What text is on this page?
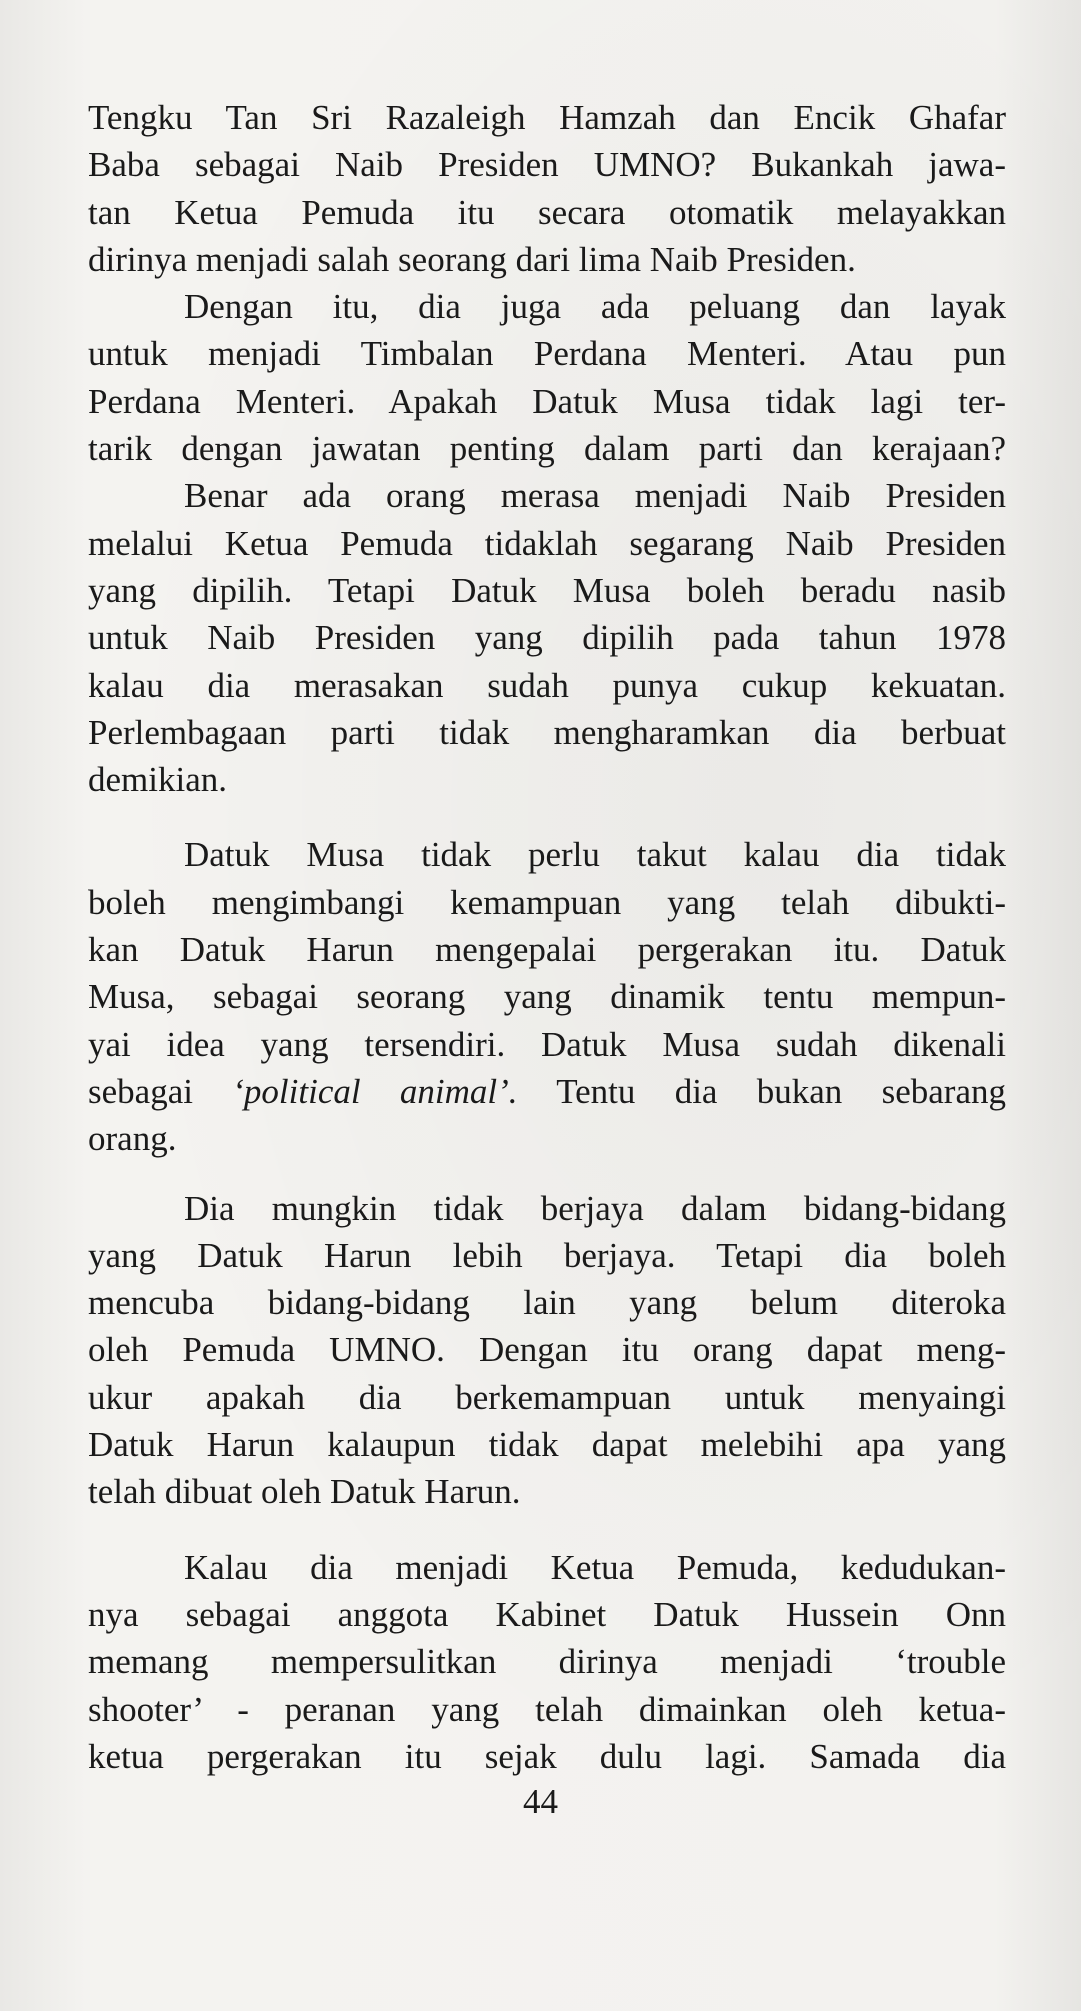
Tengku Tan Sri Razaleigh Hamzah dan Encik Ghafar
Baba sebagai Naib Presiden UMNO? Bukankah jawa-
tan Ketua Pemuda itu secara otomatik melayakkan
dirinya menjadi salah seorang dari lima Naib Presiden.
Dengan itu, dia juga ada peluang dan layak
untuk menjadi Timbalan Perdana Menteri. Atau pun
Perdana Menteri. Apakah Datuk Musa tidak lagi ter-
tarik dengan jawatan penting dalam parti dan kerajaan?
Benar ada orang merasa menjadi Naib Presiden
melalui Ketua Pemuda tidaklah segarang Naib Presiden
yang dipilih. Tetapi Datuk Musa boleh beradu nasib
untuk Naib Presiden yang dipilih pada tahun 1978
kalau dia merasakan sudah punya cukup kekuatan.
Perlembagaan parti tidak mengharamkan dia berbuat
demikian.
Datuk Musa tidak perlu takut kalau dia tidak
boleh mengimbangi kemampuan yang telah dibukti-
kan Datuk Harun mengepalai pergerakan itu. Datuk
Musa, sebagai seorang yang dinamik tentu mempun-
yai idea yang tersendiri. Datuk Musa sudah dikenali
sebagai ‘political animal’. Tentu dia bukan sebarang
orang.
Dia mungkin tidak berjaya dalam bidang-bidang
yang Datuk Harun lebih berjaya. Tetapi dia boleh
mencuba bidang-bidang lain yang belum diteroka
oleh Pemuda UMNO. Dengan itu orang dapat meng-
ukur apakah dia berkemampuan untuk menyaingi
Datuk Harun kalaupun tidak dapat melebihi apa yang
telah dibuat oleh Datuk Harun.
Kalau dia menjadi Ketua Pemuda, kedudukan-
nya sebagai anggota Kabinet Datuk Hussein Onn
memang mempersulitkan dirinya menjadi ‘trouble
shooter’ - peranan yang telah dimainkan oleh ketua-
ketua pergerakan itu sejak dulu lagi. Samada dia
44
